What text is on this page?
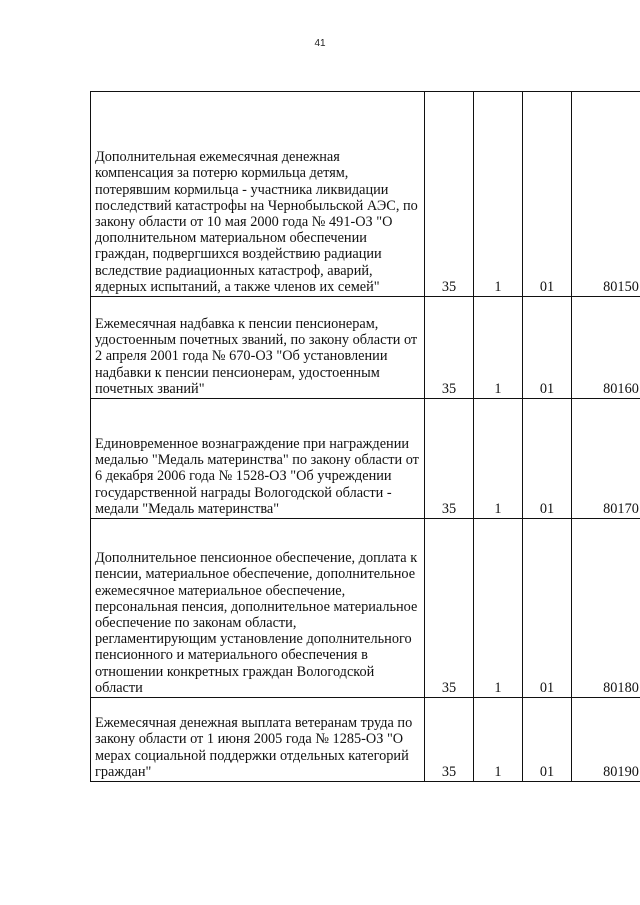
41
Дополнительная ежемесячная денежная компенсация за потерю кормильца детям, потерявшим кормильца - участника ликвидации последствий катастрофы на Чернобыльской АЭС, по закону области от 10 мая 2000 года № 491-ОЗ "О дополнительном материальном обеспечении граждан, подвергшихся воздействию радиации вследствие радиационных катастроф, аварий, ядерных испытаний, а также членов их семей"	35	1	01	80150

Ежемесячная надбавка к пенсии пенсионерам, удостоенным почетных званий, по закону области от 2 апреля 2001 года № 670-ОЗ "Об установлении надбавки к пенсии пенсионерам, удостоенным почетных званий"	35	1	01	80160

Единовременное вознаграждение при награждении медалью "Медаль материнства" по закону области от 6 декабря 2006 года № 1528-ОЗ "Об учреждении государственной награды Вологодской области - медали "Медаль материнства"	35	1	01	80170

Дополнительное пенсионное обеспечение, доплата к пенсии, материальное обеспечение, дополнительное ежемесячное материальное обеспечение, персональная пенсия, дополнительное материальное обеспечение по законам области, регламентирующим установление дополнительного пенсионного и материального обеспечения в отношении конкретных граждан Вологодской области	35	1	01	80180

Ежемесячная денежная выплата ветеранам труда по закону области от 1 июня 2005 года № 1285-ОЗ "О мерах социальной поддержки отдельных категорий граждан"	35	1	01	80190
